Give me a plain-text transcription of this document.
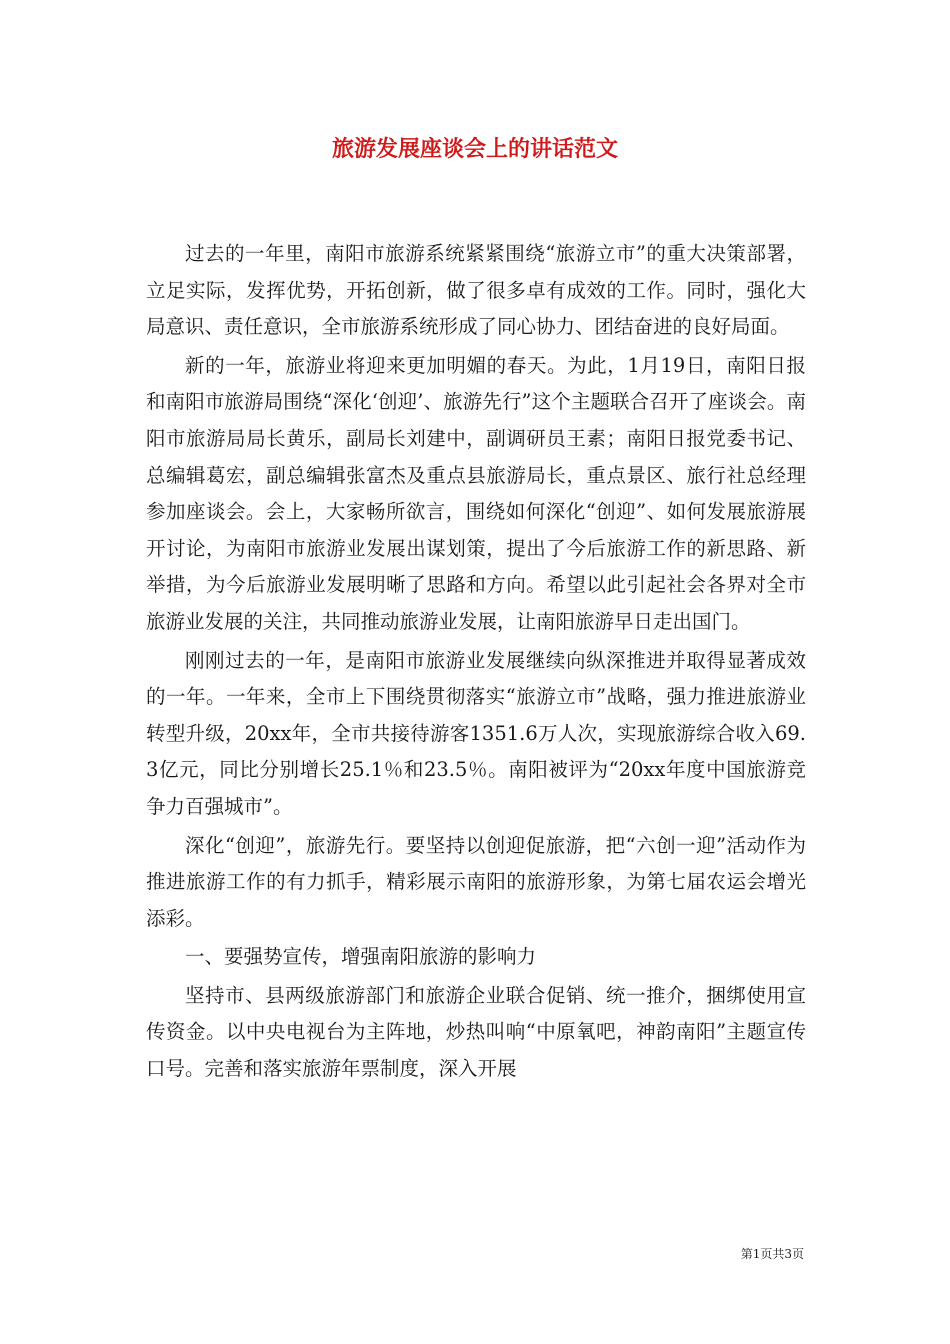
旅游发展座谈会上的讲话范文

过去的一年里，南阳市旅游系统紧紧围绕“旅游立市”的重大决策部署，立足实际，发挥优势，开拓创新，做了很多卓有成效的工作。同时，强化大局意识、责任意识，全市旅游系统形成了同心协力、团结奋进的良好局面。

新的一年，旅游业将迎来更加明媚的春天。为此，1月19日，南阳日报和南阳市旅游局围绕“深化‘创迎’、旅游先行”这个主题联合召开了座谈会。南阳市旅游局局长黄乐，副局长刘建中，副调研员王素；南阳日报党委书记、总编辑葛宏，副总编辑张富杰及重点县旅游局长，重点景区、旅行社总经理参加座谈会。会上，大家畅所欲言，围绕如何深化“创迎”、如何发展旅游展开讨论，为南阳市旅游业发展出谋划策，提出了今后旅游工作的新思路、新举措，为今后旅游业发展明晰了思路和方向。希望以此引起社会各界对全市旅游业发展的关注，共同推动旅游业发展，让南阳旅游早日走出国门。

刚刚过去的一年，是南阳市旅游业发展继续向纵深推进并取得显著成效的一年。一年来，全市上下围绕贯彻落实“旅游立市”战略，强力推进旅游业转型升级，20xx年，全市共接待游客1351.6万人次，实现旅游综合收入69.3亿元，同比分别增长25.1％和23.5％。南阳被评为“20xx年度中国旅游竞争力百强城市”。

深化“创迎”，旅游先行。要坚持以创迎促旅游，把“六创一迎”活动作为推进旅游工作的有力抓手，精彩展示南阳的旅游形象，为第七届农运会增光添彩。

一、要强势宣传，增强南阳旅游的影响力

坚持市、县两级旅游部门和旅游企业联合促销、统一推介，捆绑使用宣传资金。以中央电视台为主阵地，炒热叫响“中原氧吧，神韵南阳”主题宣传口号。完善和落实旅游年票制度，深入开展

第1页共3页
